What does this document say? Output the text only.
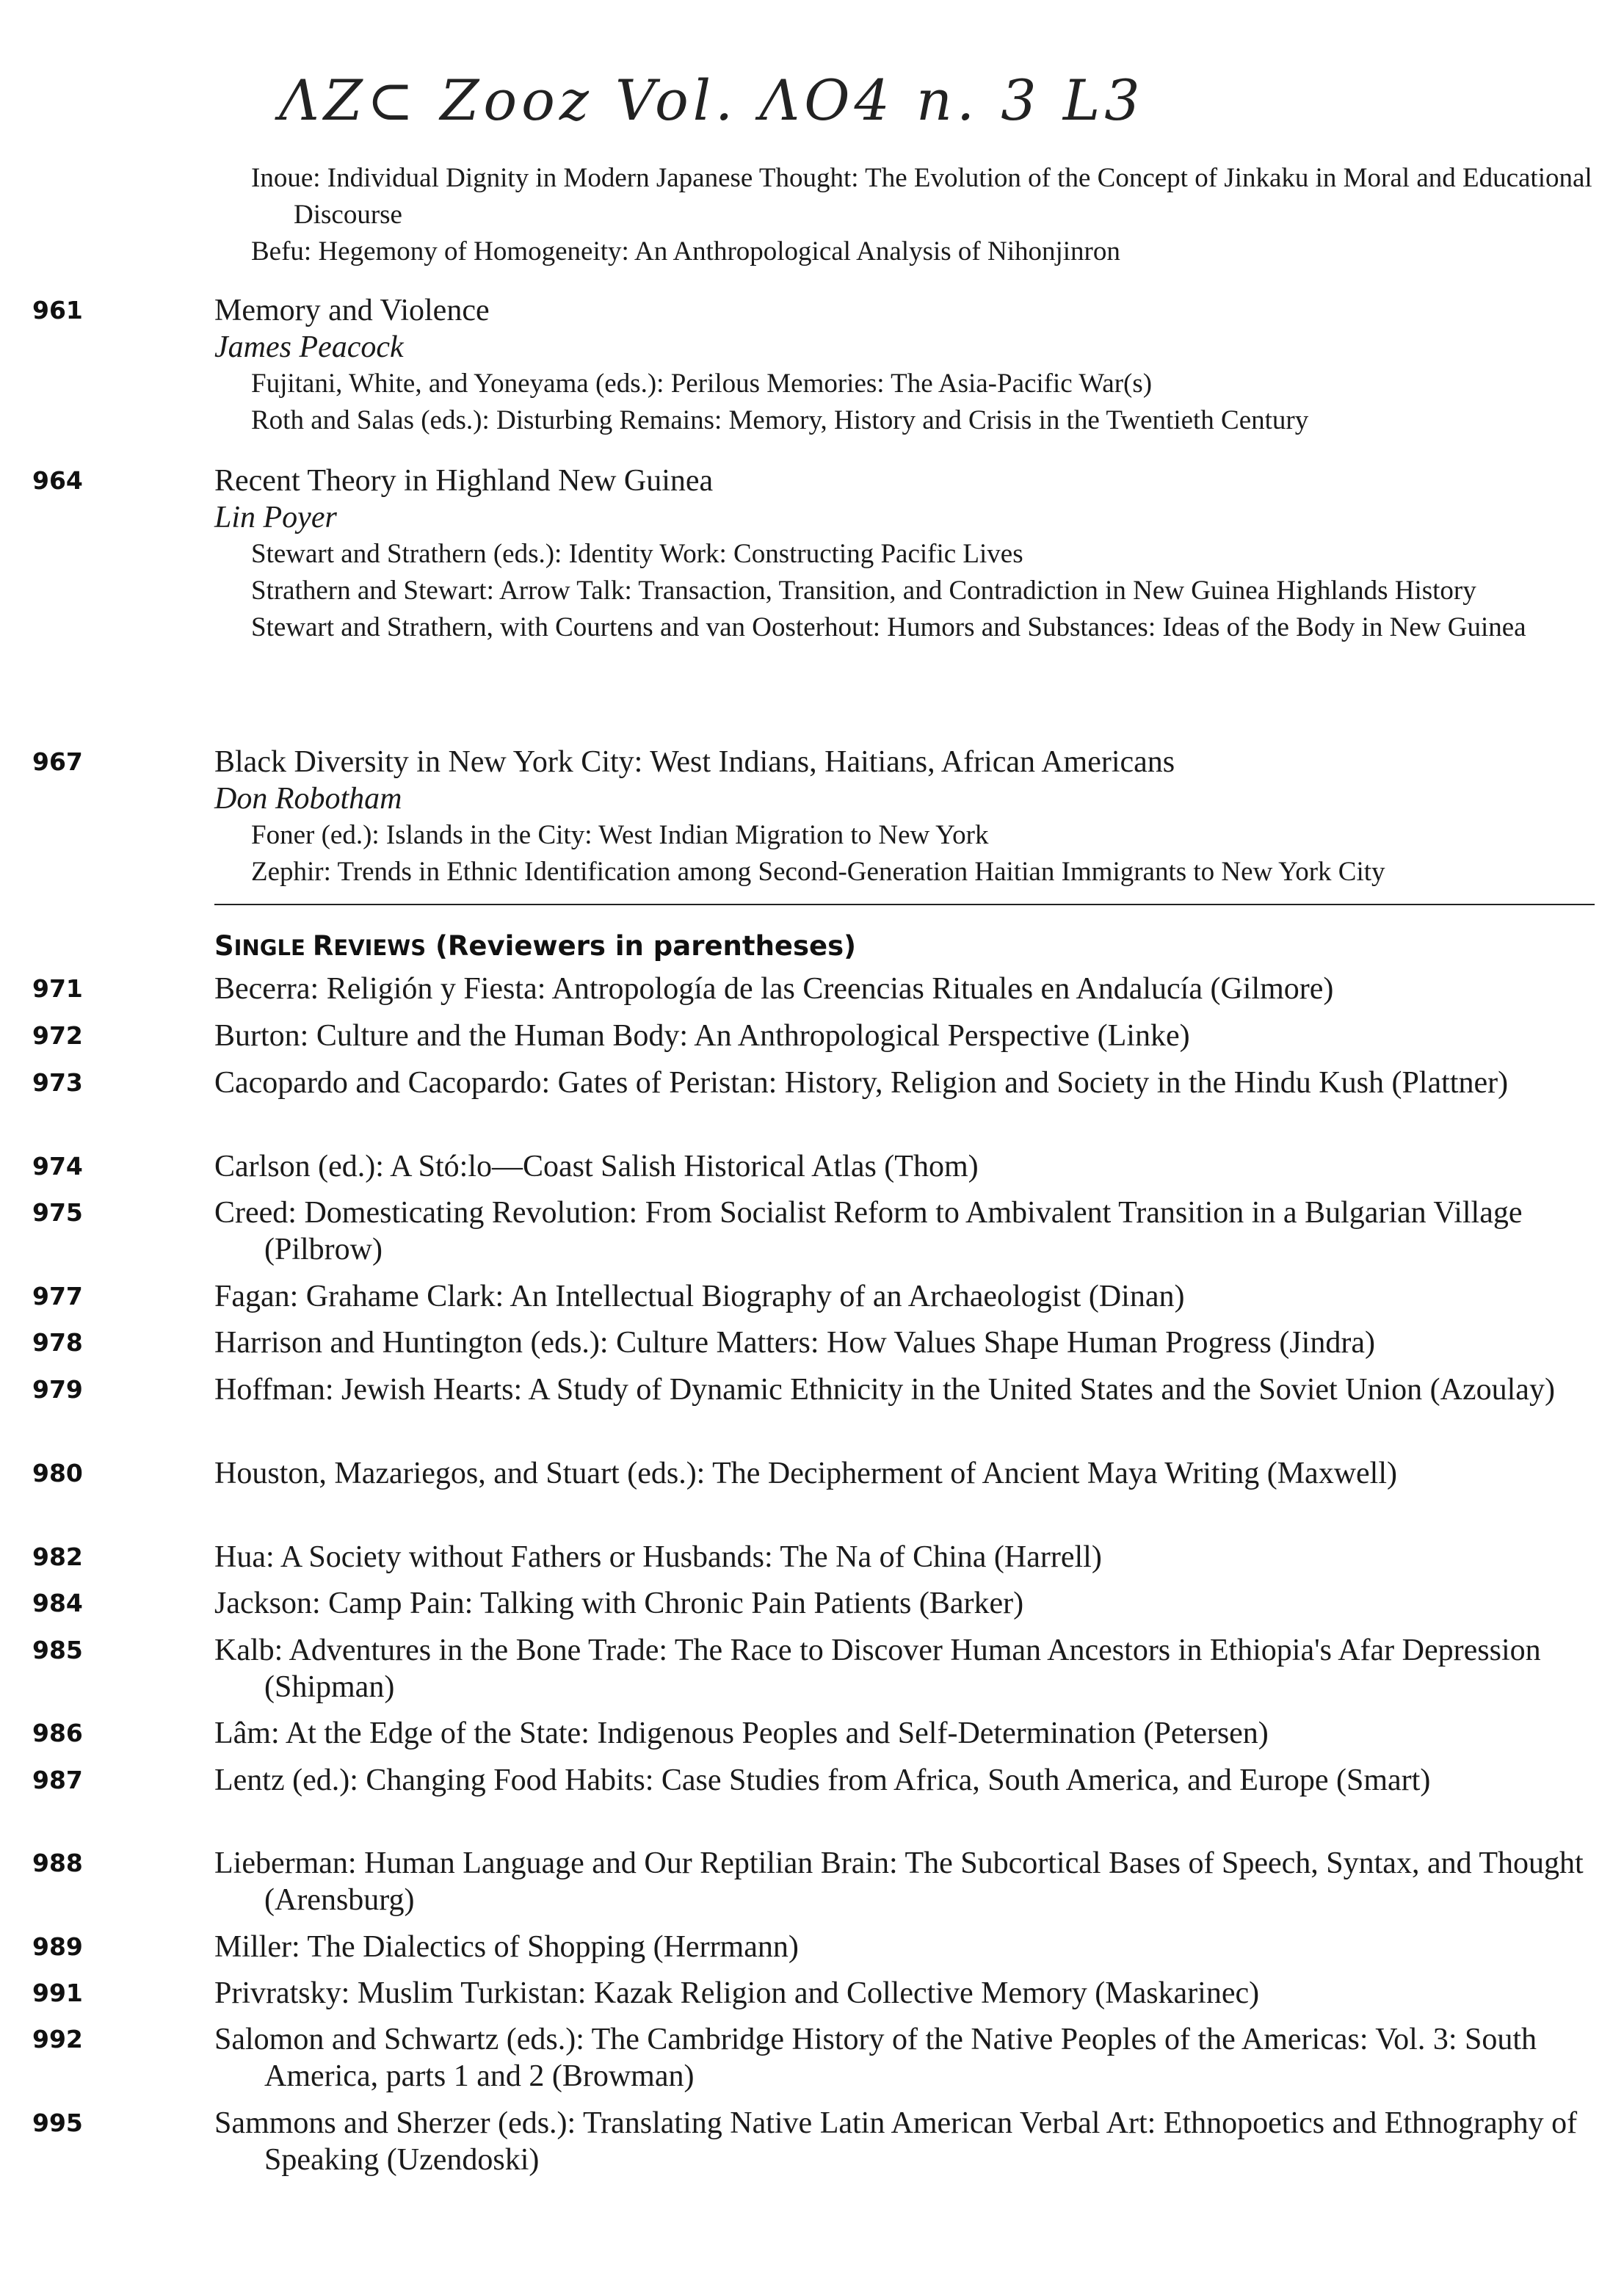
ΛZ⊂ Zooz Vol. ΛO4 n. 3 L3
Inoue: Individual Dignity in Modern Japanese Thought: The Evolution of the Concept of Jinkaku in Moral and Educational Discourse
Befu: Hegemony of Homogeneity: An Anthropological Analysis of Nihonjinron
961	Memory and Violence
James Peacock
Fujitani, White, and Yoneyama (eds.): Perilous Memories: The Asia-Pacific War(s)
Roth and Salas (eds.): Disturbing Remains: Memory, History and Crisis in the Twentieth Century
964	Recent Theory in Highland New Guinea
Lin Poyer
Stewart and Strathern (eds.): Identity Work: Constructing Pacific Lives
Strathern and Stewart: Arrow Talk: Transaction, Transition, and Contradiction in New Guinea Highlands History
Stewart and Strathern, with Courtens and van Oosterhout: Humors and Substances: Ideas of the Body in New Guinea
967	Black Diversity in New York City: West Indians, Haitians, African Americans
Don Robotham
Foner (ed.): Islands in the City: West Indian Migration to New York
Zephir: Trends in Ethnic Identification among Second-Generation Haitian Immigrants to New York City
SINGLE REVIEWS (Reviewers in parentheses)
971	Becerra: Religión y Fiesta: Antropología de las Creencias Rituales en Andalucía (Gilmore)
972	Burton: Culture and the Human Body: An Anthropological Perspective (Linke)
973	Cacopardo and Cacopardo: Gates of Peristan: History, Religion and Society in the Hindu Kush (Plattner)
974	Carlson (ed.): A Stó:lo—Coast Salish Historical Atlas (Thom)
975	Creed: Domesticating Revolution: From Socialist Reform to Ambivalent Transition in a Bulgarian Village (Pilbrow)
977	Fagan: Grahame Clark: An Intellectual Biography of an Archaeologist (Dinan)
978	Harrison and Huntington (eds.): Culture Matters: How Values Shape Human Progress (Jindra)
979	Hoffman: Jewish Hearts: A Study of Dynamic Ethnicity in the United States and the Soviet Union (Azoulay)
980	Houston, Mazariegos, and Stuart (eds.): The Decipherment of Ancient Maya Writing (Maxwell)
982	Hua: A Society without Fathers or Husbands: The Na of China (Harrell)
984	Jackson: Camp Pain: Talking with Chronic Pain Patients (Barker)
985	Kalb: Adventures in the Bone Trade: The Race to Discover Human Ancestors in Ethiopia's Afar Depression (Shipman)
986	Lâm: At the Edge of the State: Indigenous Peoples and Self-Determination (Petersen)
987	Lentz (ed.): Changing Food Habits: Case Studies from Africa, South America, and Europe (Smart)
988	Lieberman: Human Language and Our Reptilian Brain: The Subcortical Bases of Speech, Syntax, and Thought (Arensburg)
989	Miller: The Dialectics of Shopping (Herrmann)
991	Privratsky: Muslim Turkistan: Kazak Religion and Collective Memory (Maskarinec)
992	Salomon and Schwartz (eds.): The Cambridge History of the Native Peoples of the Americas: Vol. 3: South America, parts 1 and 2 (Browman)
995	Sammons and Sherzer (eds.): Translating Native Latin American Verbal Art: Ethnopoetics and Ethnography of Speaking (Uzendoski)
